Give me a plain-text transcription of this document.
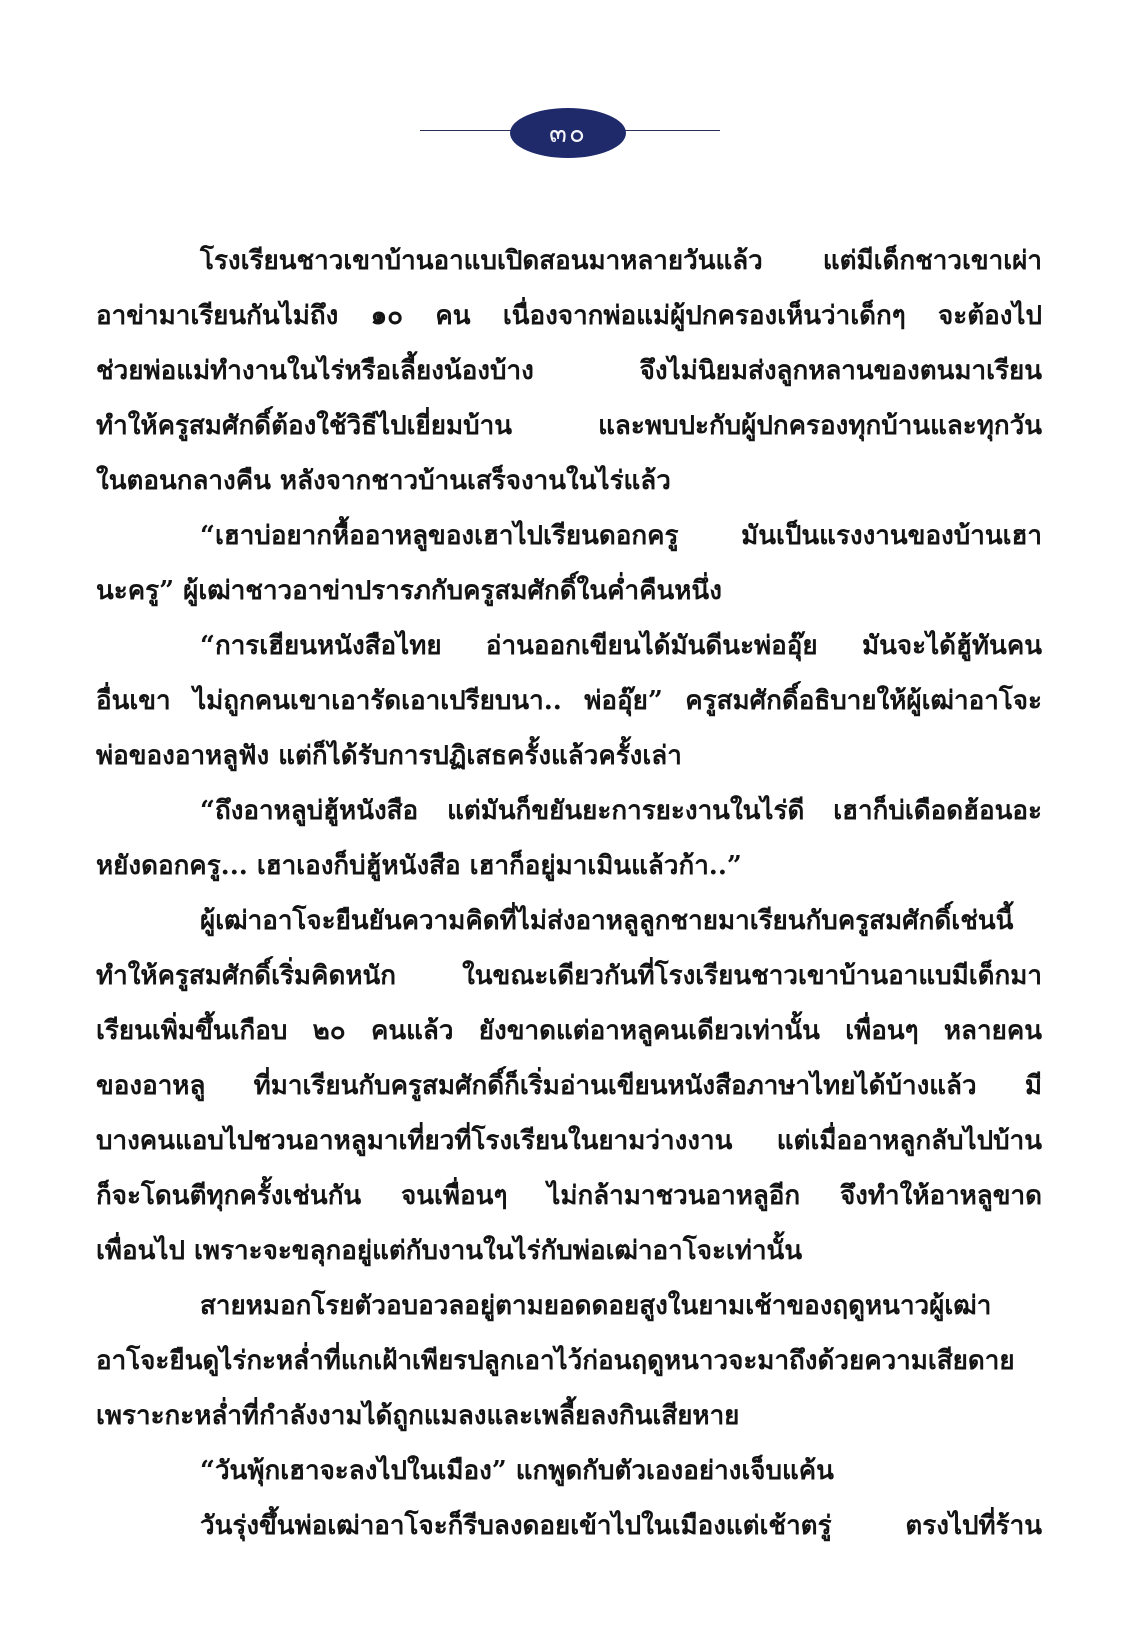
๓๐
โรงเรียนชาวเขาบ้านอาแบเปิดสอนมาหลายวันแล้ว แต่มีเด็กชาวเขาเผ่า
อาข่ามาเรียนกันไม่ถึง ๑๐ คน เนื่องจากพ่อแม่ผู้ปกครองเห็นว่าเด็กๆ จะต้องไป
ช่วยพ่อแม่ทำงานในไร่หรือเลี้ยงน้องบ้าง จึงไม่นิยมส่งลูกหลานของตนมาเรียน
ทำให้ครูสมศักดิ์ต้องใช้วิธีไปเยี่ยมบ้าน และพบปะกับผู้ปกครองทุกบ้านและทุกวัน
ในตอนกลางคืน หลังจากชาวบ้านเสร็จงานในไร่แล้ว
“เฮาบ่อยากหื้ออาหลูของเฮาไปเรียนดอกครู มันเป็นแรงงานของบ้านเฮา
นะครู” ผู้เฒ่าชาวอาข่าปรารภกับครูสมศักดิ์ในค่ำคืนหนึ่ง
“การเฮียนหนังสือไทย อ่านออกเขียนได้มันดีนะพ่ออุ๊ย มันจะได้ฮู้ทันคน
อื่นเขา ไม่ถูกคนเขาเอารัดเอาเปรียบนา.. พ่ออุ๊ย” ครูสมศักดิ์อธิบายให้ผู้เฒ่าอาโจะ
พ่อของอาหลูฟัง แต่ก็ได้รับการปฏิเสธครั้งแล้วครั้งเล่า
“ถึงอาหลูบ่ฮู้หนังสือ แต่มันก็ขยันยะการยะงานในไร่ดี เฮาก็บ่เดือดฮ้อนอะ
หยังดอกครู... เฮาเองก็บ่ฮู้หนังสือ เฮาก็อยู่มาเมินแล้วก้า..”
ผู้เฒ่าอาโจะยืนยันความคิดที่ไม่ส่งอาหลูลูกชายมาเรียนกับครูสมศักดิ์เช่นนี้
ทำให้ครูสมศักดิ์เริ่มคิดหนัก ในขณะเดียวกันที่โรงเรียนชาวเขาบ้านอาแบมีเด็กมา
เรียนเพิ่มขึ้นเกือบ ๒๐ คนแล้ว ยังขาดแต่อาหลูคนเดียวเท่านั้น เพื่อนๆ หลายคน
ของอาหลู ที่มาเรียนกับครูสมศักดิ์ก็เริ่มอ่านเขียนหนังสือภาษาไทยได้บ้างแล้ว มี
บางคนแอบไปชวนอาหลูมาเที่ยวที่โรงเรียนในยามว่างงาน แต่เมื่ออาหลูกลับไปบ้าน
ก็จะโดนตีทุกครั้งเช่นกัน จนเพื่อนๆ ไม่กล้ามาชวนอาหลูอีก จึงทำให้อาหลูขาด
เพื่อนไป เพราะจะขลุกอยู่แต่กับงานในไร่กับพ่อเฒ่าอาโจะเท่านั้น
สายหมอกโรยตัวอบอวลอยู่ตามยอดดอยสูงในยามเช้าของฤดูหนาวผู้เฒ่า
อาโจะยืนดูไร่กะหล่ำที่แกเฝ้าเพียรปลูกเอาไว้ก่อนฤดูหนาวจะมาถึงด้วยความเสียดาย
เพราะกะหล่ำที่กำลังงามได้ถูกแมลงและเพลี้ยลงกินเสียหาย
“วันพุ้กเฮาจะลงไปในเมือง” แกพูดกับตัวเองอย่างเจ็บแค้น
วันรุ่งขึ้นพ่อเฒ่าอาโจะก็รีบลงดอยเข้าไปในเมืองแต่เช้าตรู่ ตรงไปที่ร้าน
